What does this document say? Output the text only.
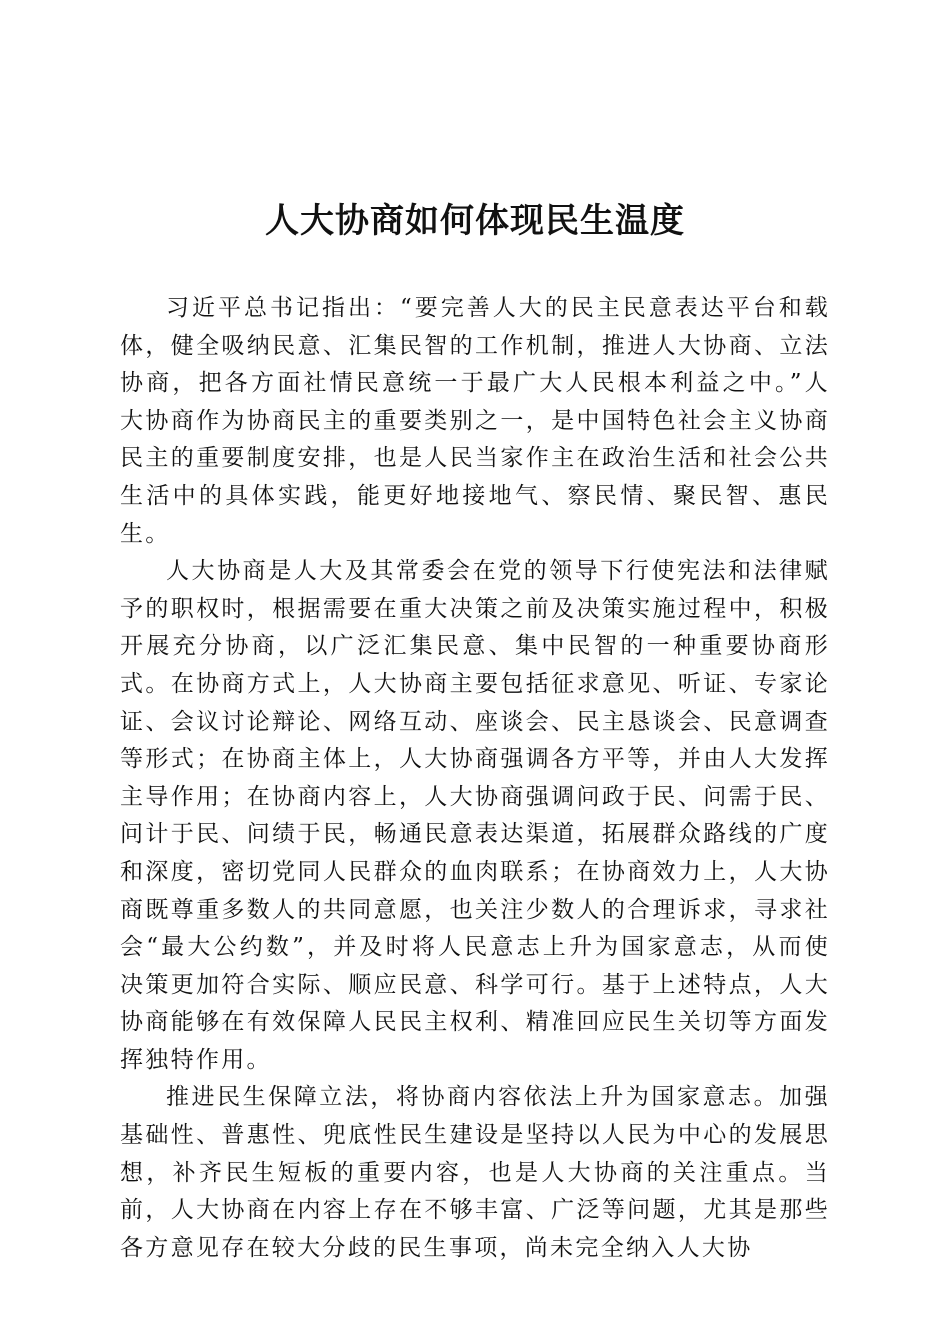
人大协商如何体现民生温度

习近平总书记指出：“要完善人大的民主民意表达平台和载体，健全吸纳民意、汇集民智的工作机制，推进人大协商、立法协商，把各方面社情民意统一于最广大人民根本利益之中。”人大协商作为协商民主的重要类别之一，是中国特色社会主义协商民主的重要制度安排，也是人民当家作主在政治生活和社会公共生活中的具体实践，能更好地接地气、察民情、聚民智、惠民生。

人大协商是人大及其常委会在党的领导下行使宪法和法律赋予的职权时，根据需要在重大决策之前及决策实施过程中，积极开展充分协商，以广泛汇集民意、集中民智的一种重要协商形式。在协商方式上，人大协商主要包括征求意见、听证、专家论证、会议讨论辩论、网络互动、座谈会、民主恳谈会、民意调查等形式；在协商主体上，人大协商强调各方平等，并由人大发挥主导作用；在协商内容上，人大协商强调问政于民、问需于民、问计于民、问绩于民，畅通民意表达渠道，拓展群众路线的广度和深度，密切党同人民群众的血肉联系；在协商效力上，人大协商既尊重多数人的共同意愿，也关注少数人的合理诉求，寻求社会“最大公约数”，并及时将人民意志上升为国家意志，从而使决策更加符合实际、顺应民意、科学可行。基于上述特点，人大协商能够在有效保障人民民主权利、精准回应民生关切等方面发挥独特作用。

推进民生保障立法，将协商内容依法上升为国家意志。加强基础性、普惠性、兜底性民生建设是坚持以人民为中心的发展思想，补齐民生短板的重要内容，也是人大协商的关注重点。当前，人大协商在内容上存在不够丰富、广泛等问题，尤其是那些各方意见存在较大分歧的民生事项，尚未完全纳入人大协
